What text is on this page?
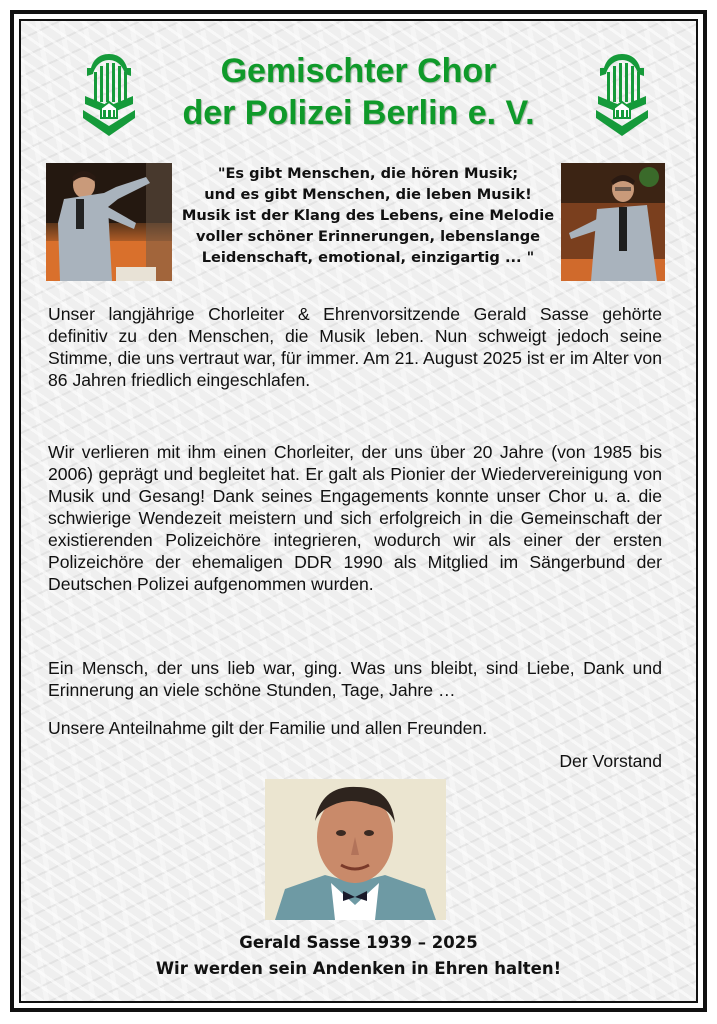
Gemischter Chor
der Polizei Berlin e. V.
"Es gibt Menschen, die hören Musik;
und es gibt Menschen, die leben Musik!
Musik ist der Klang des Lebens, eine Melodie
voller schöner Erinnerungen, lebenslange
Leidenschaft, emotional, einzigartig ... "

Unser langjährige Chorleiter & Ehrenvorsitzende Gerald Sasse gehörte definitiv zu den Menschen, die Musik leben. Nun schweigt jedoch seine Stimme, die uns vertraut war, für immer. Am 21. August 2025 ist er im Alter von 86 Jahren friedlich eingeschlafen.

Wir verlieren mit ihm einen Chorleiter, der uns über 20 Jahre (von 1985 bis 2006) geprägt und begleitet hat. Er galt als Pionier der Wiedervereinigung von Musik und Gesang! Dank seines Engagements konnte unser Chor u. a. die schwierige Wendezeit meistern und sich erfolgreich in die Gemeinschaft der existierenden Polizeichöre integrieren, wodurch wir als einer der ersten Polizeichöre der ehemaligen DDR 1990 als Mitglied im Sängerbund der Deutschen Polizei aufgenommen wurden.

Ein Mensch, der uns lieb war, ging. Was uns bleibt, sind Liebe, Dank und Erinnerung an viele schöne Stunden, Tage, Jahre …

Unsere Anteilnahme gilt der Familie und allen Freunden.

Der Vorstand

Gerald Sasse 1939 – 2025

Wir werden sein Andenken in Ehren halten!
